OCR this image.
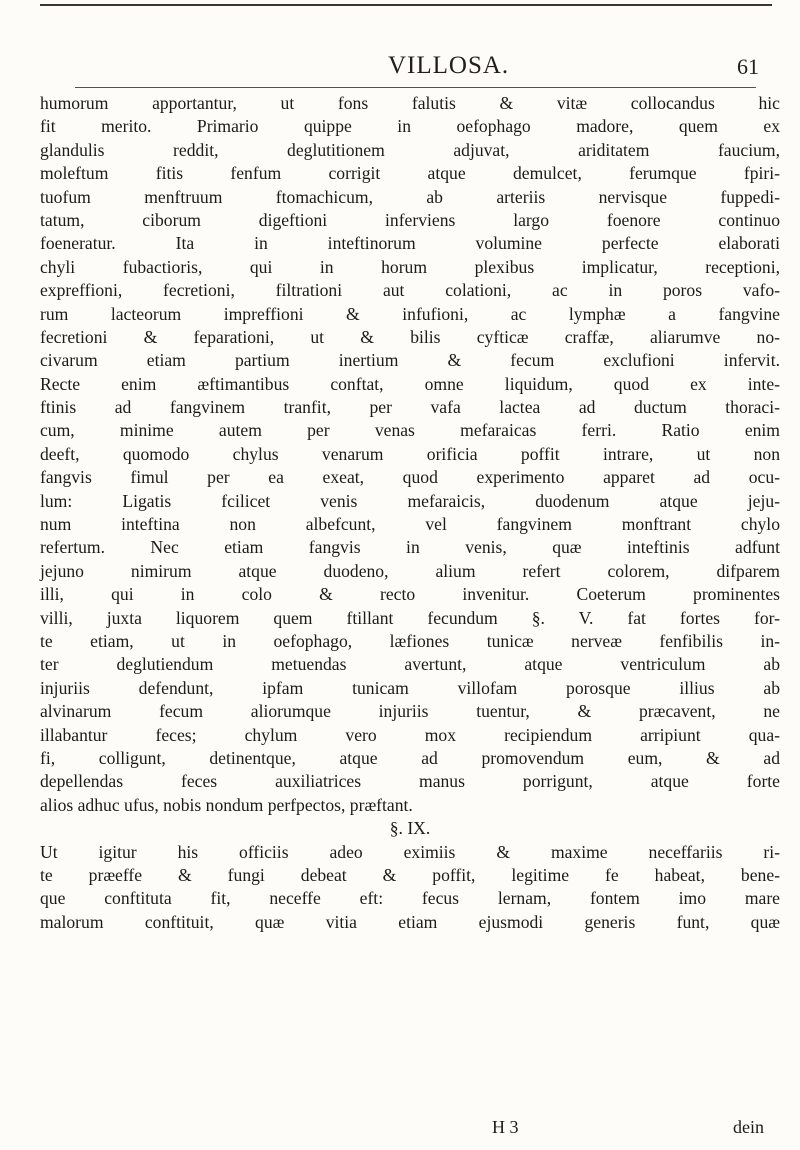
VILLOSA.	61
humorum apportantur, ut fons falutis & vitæ collocandus hic
fit merito. Primario quippe in oefophago madore, quem ex
glandulis reddit, deglutitionem adjuvat, ariditatem faucium,
moleftum fitis fenfum corrigit atque demulcet, ferumque fpiri-
tuofum menftruum ftomachicum, ab arteriis nervisque fuppedi-
tatum, ciborum digeftioni inferviens largo foenore continuo
foeneratur. Ita in inteftinorum volumine perfecte elaborati
chyli fubactioris, qui in horum plexibus implicatur, receptioni,
expreffioni, fecretioni, filtrationi aut colationi, ac in poros vafo-
rum lacteorum impreffioni & infufioni, ac lymphæ a fangvine
fecretioni & feparationi, ut & bilis cyfticæ craffæ, aliarumve no-
civarum etiam partium inertium & fecum exclufioni infervit.
Recte enim æftimantibus conftat, omne liquidum, quod ex inte-
ftinis ad fangvinem tranfit, per vafa lactea ad ductum thoraci-
cum, minime autem per venas mefaraicas ferri. Ratio enim
deeft, quomodo chylus venarum orificia poffit intrare, ut non
fangvis fimul per ea exeat, quod experimento apparet ad ocu-
lum: Ligatis fcilicet venis mefaraicis, duodenum atque jeju-
num inteftina non albefcunt, vel fangvinem monftrant chylo
refertum. Nec etiam fangvis in venis, quæ inteftinis adfunt
jejuno nimirum atque duodeno, alium refert colorem, difparem
illi, qui in colo & recto invenitur. Coeterum prominentes
villi, juxta liquorem quem ftillant fecundum §. V. fat fortes for-
te etiam, ut in oefophago, læfiones tunicæ nerveæ fenfibilis in-
ter deglutiendum metuendas avertunt, atque ventriculum ab
injuriis defendunt, ipfam tunicam villofam porosque illius ab
alvinarum fecum aliorumque injuriis tuentur, & præcavent, ne
illabantur feces; chylum vero mox recipiendum arripiunt qua-
fi, colligunt, detinentque, atque ad promovendum eum, & ad
depellendas feces auxiliatrices manus porrigunt, atque forte
alios adhuc ufus, nobis nondum perfpectos, præftant.
§. IX.
Ut igitur his officiis adeo eximiis & maxime neceffariis ri-
te præeffe & fungi debeat & poffit, legitime fe habeat, bene-
que conftituta fit, neceffe eft: fecus lernam, fontem imo mare
malorum conftituit, quæ vitia etiam ejusmodi generis funt, quæ
H 3	dein
